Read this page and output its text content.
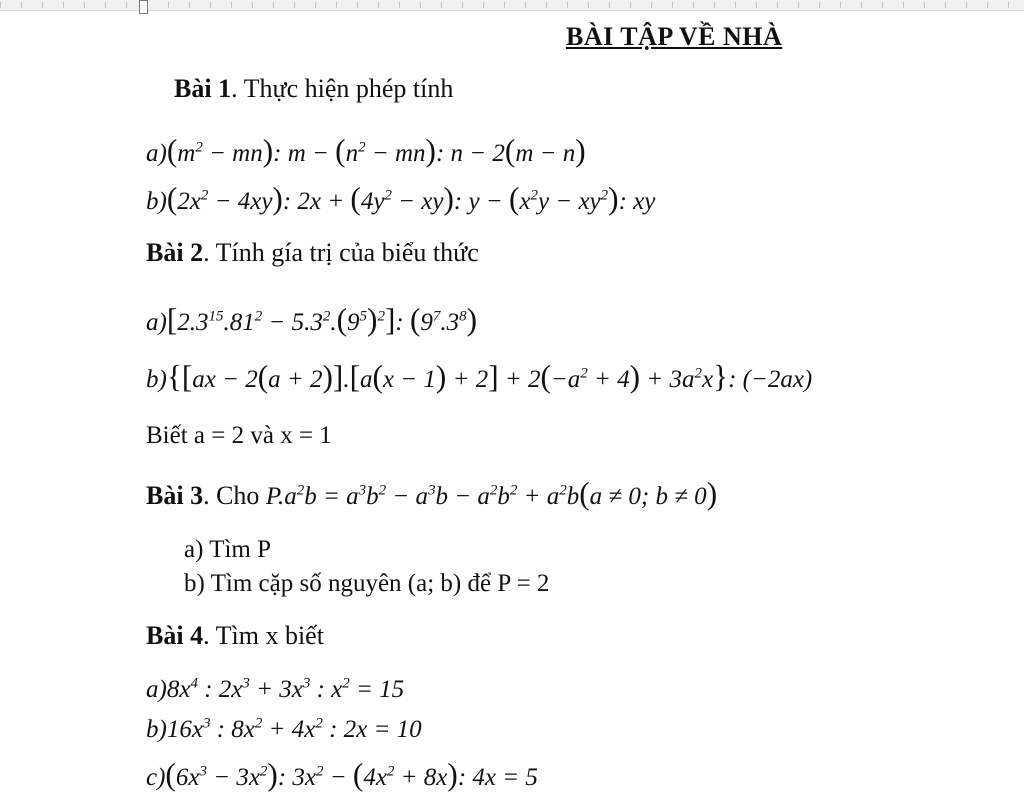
BÀI TẬP VỀ NHÀ
Bài 1. Thực hiện phép tính
$a)(m^2 - mn)$: $m - (n^2 - mn)$: n − 2(m − n)
$b)(2x^2 - 4xy)$: $2x + (4y^2 - xy)$: $y - (x^2y - xy^2)$: xy
Bài 2. Tính gía trị của biểu thức
$a)[2.3^{15}.81^2 - 5.3^2.(9^5)^2]$: $(9^7.3^8)$
$b)\{[ax - 2(a + 2)].[a(x - 1) + 2] + 2(-a^2 + 4) + 3a^2x\}$: (−2ax)
Biết a = 2 và x = 1
Bài 3. Cho $P.a^2b = a^3b^2 - a^3b - a^2b^2 + a^2b(a \ne 0$; b ≠ 0)
a) Tìm P
b) Tìm cặp số nguyên (a; b) để P = 2
Bài 4. Tìm x biết
$a)8x^4$ : $2x^3 + 3x^3$ : $x^2 = 15$
$b)16x^3$ : $8x^2 + 4x^2$ : 2x = 10
$c)(6x^3 - 3x^2)$: $3x^2 - (4x^2 + 8x)$: 4x = 5
